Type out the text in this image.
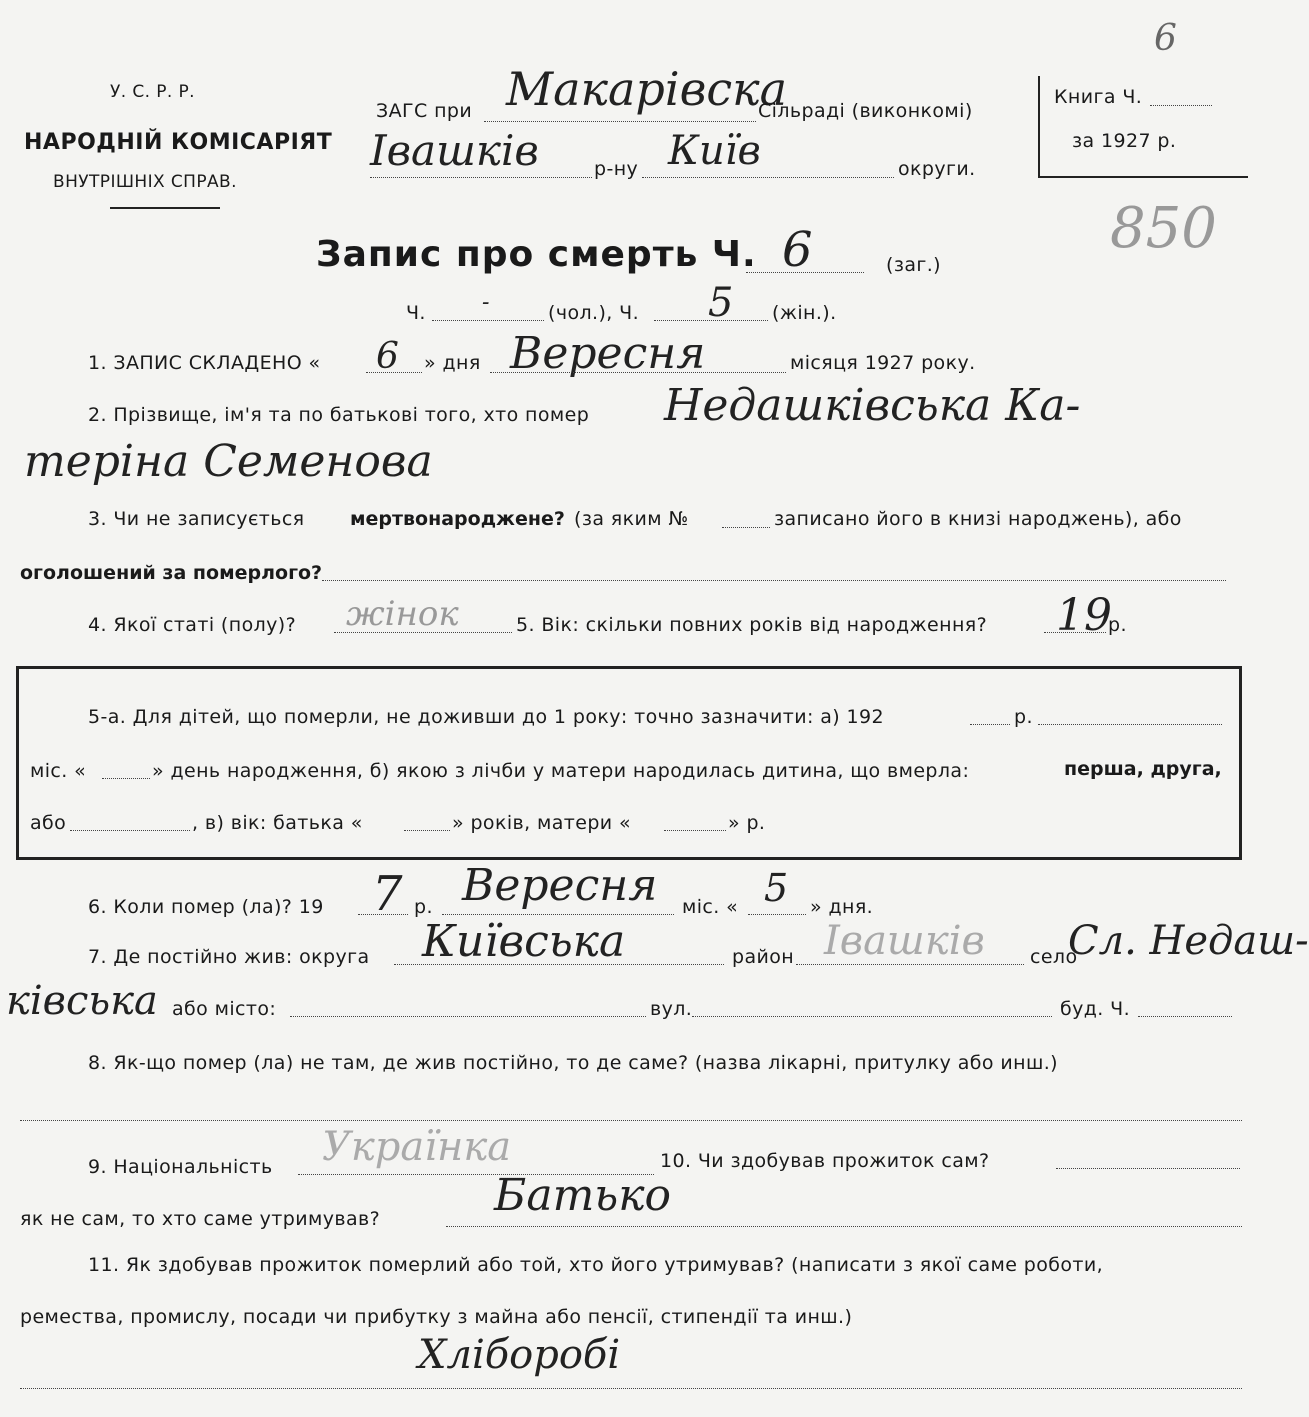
У. С. Р. Р.
НАРОДНІЙ КОМІСАРІЯТ
ВНУТРІШНІХ СПРАВ.
ЗАГС при Макарівска
Сільраді (виконкомі)
Івашків	р-ну Київ	округи.
Книга Ч.
за 1927 р.
6
850
Запис про смерть Ч. 6	(заг.)
Ч.	-	(чол.), Ч. 5 (жін.).
1. ЗАПИС СКЛАДЕНО « 6 » дня Вересня	місяця 1927 року.
2. Прізвище, ім'я та по батькові того, хто помер Недашківська Ка-
теріна Семенова
3. Чи не записується мертвонароджене? (за яким №	записано його в книзі народжень), або
оголошений за померлого?
4. Якої статі (полу)? жінок	5. Вік: скільки повних років від народження? 19
р.
5-а. Для дітей, що померли, не доживши до 1 року: точно зазначити: а) 192	р.
міс. «	» день народження, б) якою з лічби у матери народилась дитина, що вмерла:	перша, друга,
або	, в) вік: батька «	» років, матери «	» р.
6. Коли помер (ла)? 19 7 р. Вересня міс. « 5 » дня.
7. Де постійно жив: округа Київська	район Івашків село
Сл. Недаш-
ківська або місто:	вул.	буд. Ч.
8. Як-що помер (ла) не там, де жив постійно, то де саме? (назва лікарні, притулку або инш.)
9. Національність Українка	10. Чи здобував прожиток сам?
як не сам, то хто саме утримував?	Батько
11. Як здобував прожиток померлий або той, хто його утримував? (написати з якої саме роботи,
ремества, промислу, посади чи прибутку з майна або пенсії, стипендії та инш.)
Хліборобі
